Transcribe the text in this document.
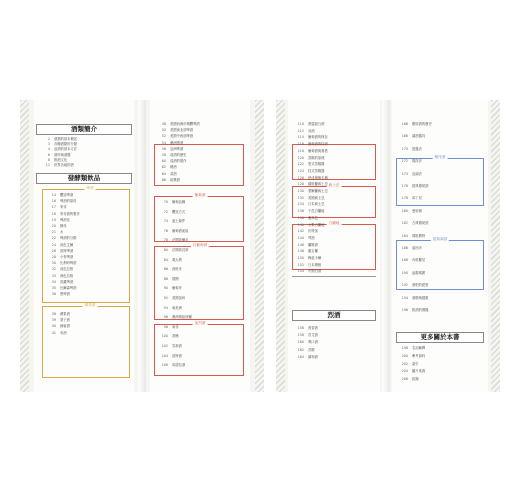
酒類簡介
2 酒類的基本概述
3 各種酒類的分類
4 品酒的基本方法
6 酒杯與酒器
8 飲酒文化
12 世界各地的酒
發酵類飲品
啤酒
蘋果酒
14 釀造啤酒
16 啤酒的原料
17 麥芽
18 麥芽酒的製作
19 啤酒花
20 酵母
21 水
22 啤酒的分類
24 淡色艾爾
26 波特啤酒
28 小麥啤酒
30 比利時啤酒
32 淡色拉格
33 深色拉格
34 窖藏啤酒
35 比爾森啤酒
36 黑啤酒
38 蘋果酒
39 梨子酒
40 蜂蜜酒
41 米酒
葡萄酒
紅葡萄酒
加烈酒
48 美國西海岸精釀啤酒
50 美國東北部啤酒
52 美國中西部啤酒
54 澳洲啤酒
56 亞洲啤酒
58 清酒的歷史
60 清酒的製作
62 燒酒
64 黃酒
66 紹興酒
70 葡萄品種
72 釀造方式
74 風土條件
76 葡萄酒產區
78 法國波爾多
80 法國勃艮第
84 義大利
86 西班牙
88 德國
90 葡萄牙
92 美國加州
94 南美洲
96 澳洲與紐西蘭
98 南非
100 香檳
102 雪莉酒
104 波特酒
106 馬德拉酒
威士忌
白蘭地
烈酒
110 貴腐甜白酒
112 冰酒
114 葡萄酒的保存
116 葡萄酒的侍酒
118 葡萄酒與餐搭
120 蒸餾的原理
122 壺式蒸餾器
124 柱式蒸餾器
126 熟成與橡木桶
128 蘇格蘭威士忌
130 愛爾蘭威士忌
132 美國威士忌
134 日本威士忌
136 干邑白蘭地
138 雅馬邑
140 水果白蘭地
142 伏特加
144 琴酒
146 蘭姆酒
148 龍舌蘭
150 梅茲卡爾
152 日本燒酎
154 中國白酒
156 茴香酒
158 苦艾酒
160 利口酒
162 苦精
164 調和酒
雞尾酒
經典調酒
更多關於本書
166 雞尾酒的歷史
168 調酒器具
170 搖盪法
172 攪拌法
174 直調法
176 經典雞尾酒
178 馬丁尼
180 曼哈頓
182 古典雞尾酒
184 瑪格麗特
186 莫西多
188 內格羅尼
190 血腥瑪麗
192 酒吧的經營
194 酒精與健康
196 飲酒的禮儀
198 名詞解釋
200 參考資料
202 索引
204 圖片來源
206 致謝
